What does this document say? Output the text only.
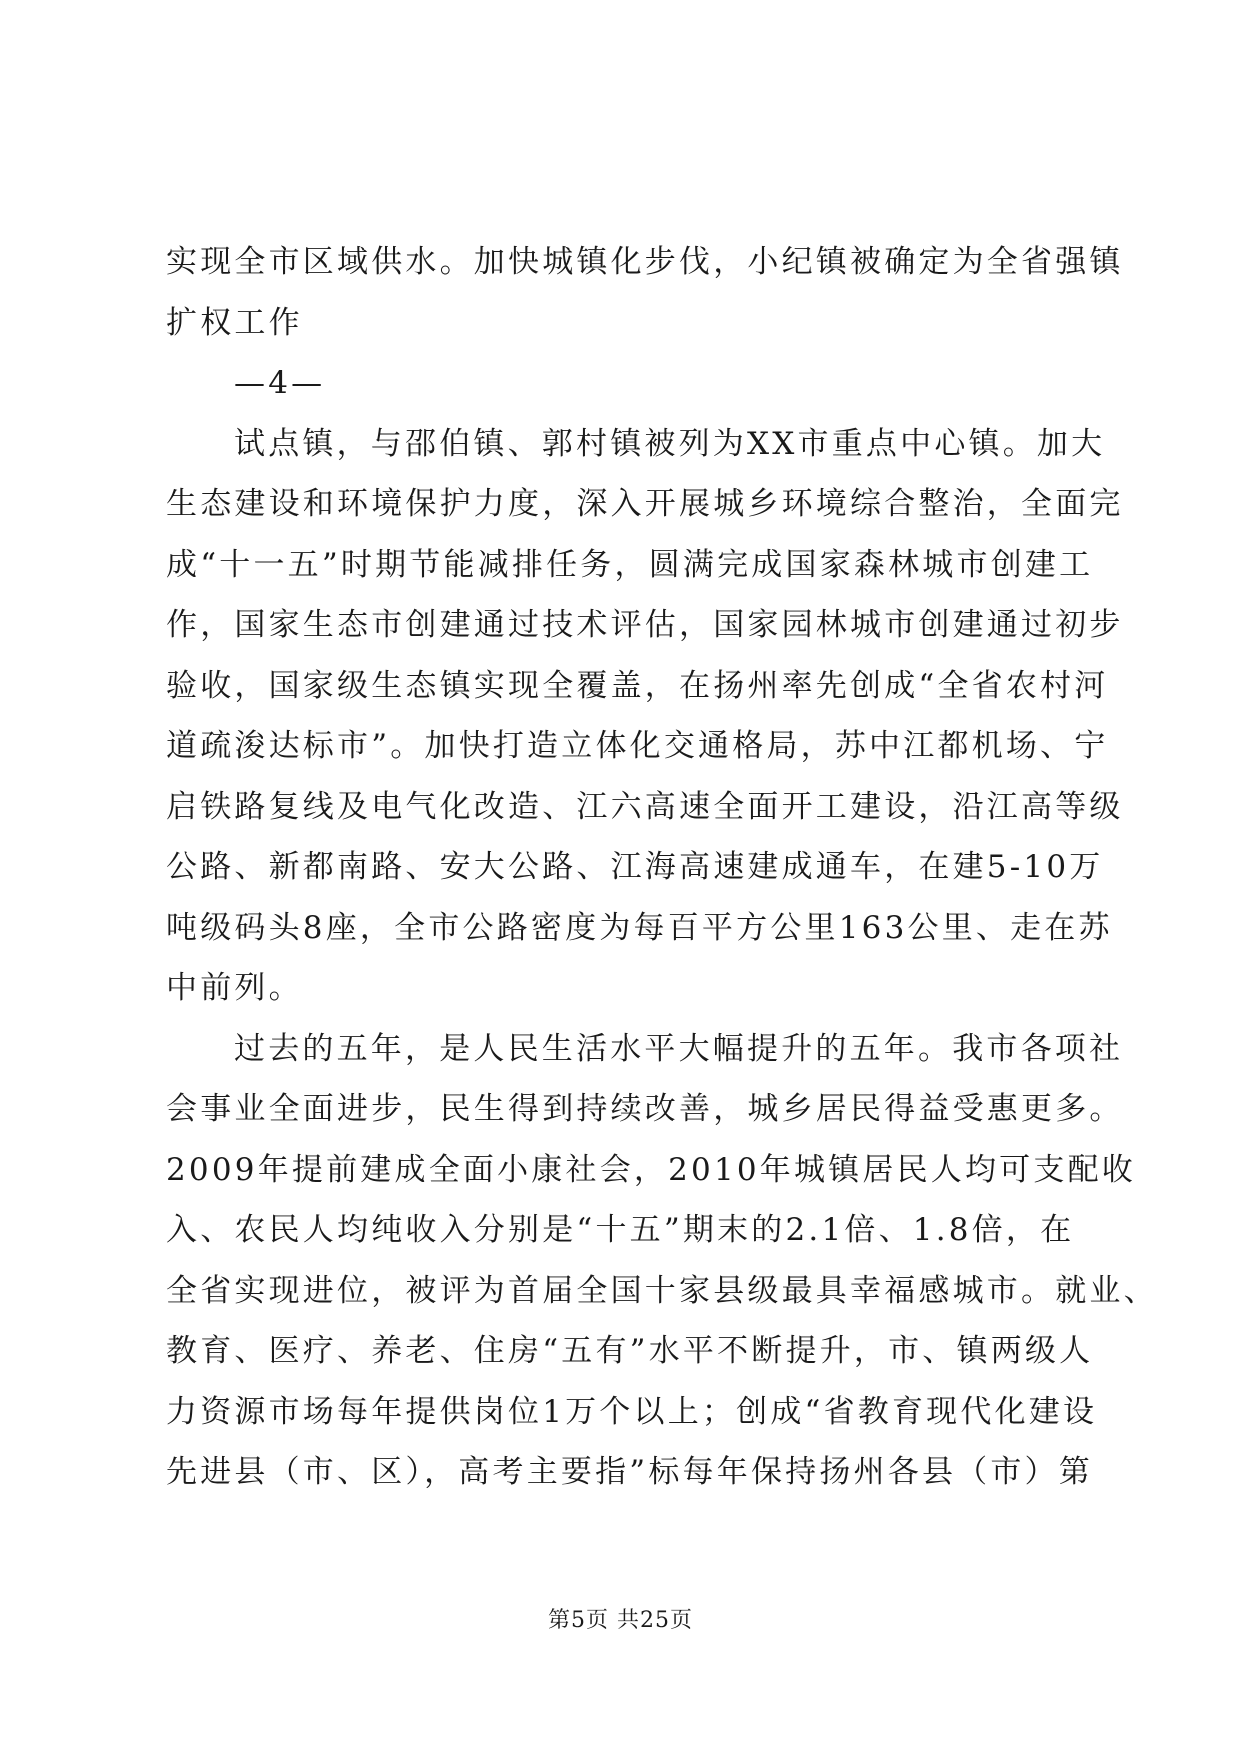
实现全市区域供水。加快城镇化步伐，小纪镇被确定为全省强镇
扩权工作
—4—
试点镇，与邵伯镇、郭村镇被列为XX市重点中心镇。加大
生态建设和环境保护力度，深入开展城乡环境综合整治，全面完
成“十一五”时期节能减排任务，圆满完成国家森林城市创建工
作，国家生态市创建通过技术评估，国家园林城市创建通过初步
验收，国家级生态镇实现全覆盖，在扬州率先创成“全省农村河
道疏浚达标市”。加快打造立体化交通格局，苏中江都机场、宁
启铁路复线及电气化改造、江六高速全面开工建设，沿江高等级
公路、新都南路、安大公路、江海高速建成通车，在建5-10万
吨级码头8座，全市公路密度为每百平方公里163公里、走在苏
中前列。
过去的五年，是人民生活水平大幅提升的五年。我市各项社
会事业全面进步，民生得到持续改善，城乡居民得益受惠更多。
2009年提前建成全面小康社会，2010年城镇居民人均可支配收
入、农民人均纯收入分别是“十五”期末的2.1倍、1.8倍，在
全省实现进位，被评为首届全国十家县级最具幸福感城市。就业、
教育、医疗、养老、住房“五有”水平不断提升，市、镇两级人
力资源市场每年提供岗位1万个以上；创成“省教育现代化建设
先进县（市、区），高考主要指”标每年保持扬州各县（市）第
第5页 共25页
